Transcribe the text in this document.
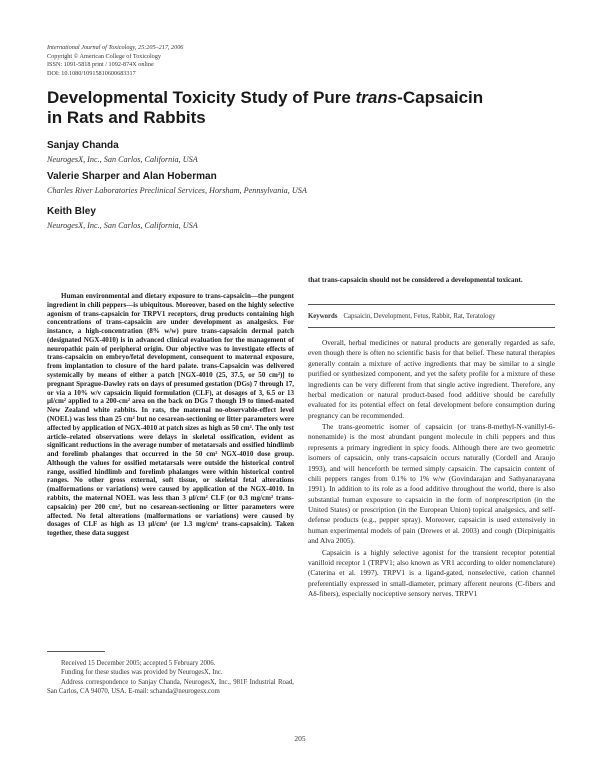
International Journal of Toxicology, 25:205–217, 2006
Copyright © American College of Toxicology
ISSN: 1091-5818 print / 1092-874X online
DOI: 10.1080/10915810600683317
Developmental Toxicity Study of Pure trans-Capsaicin
in Rats and Rabbits
Sanjay Chanda
NeurogesX, Inc., San Carlos, California, USA
Valerie Sharper and Alan Hoberman
Charles River Laboratories Preclinical Services, Horsham, Pennsylvania, USA
Keith Bley
NeurogesX, Inc., San Carlos, California, USA
Human environmental and dietary exposure to trans-capsaicin—the pungent ingredient in chili peppers—is ubiquitous. Moreover, based on the highly selective agonism of trans-capsaicin for TRPV1 receptors, drug products containing high concentrations of trans-capsaicin are under development as analgesics. For instance, a high-concentration (8% w/w) pure trans-capsaicin dermal patch (designated NGX-4010) is in advanced clinical evaluation for the management of neuropathic pain of peripheral origin. Our objective was to investigate effects of trans-capsaicin on embryo/fetal development, consequent to maternal exposure, from implantation to closure of the hard palate. trans-Capsaicin was delivered systemically by means of either a patch [NGX-4010 (25, 37.5, or 50 cm²)] to pregnant Sprague-Dawley rats on days of presumed gestation (DGs) 7 through 17, or via a 10% w/v capsaicin liquid formulation (CLF), at dosages of 3, 6.5 or 13 μl/cm² applied to a 200-cm² area on the back on DGs 7 though 19 to timed-mated New Zealand white rabbits. In rats, the maternal no-observable-effect level (NOEL) was less than 25 cm² but no cesarean-sectioning or litter parameters were affected by application of NGX-4010 at patch sizes as high as 50 cm². The only test article–related observations were delays in skeletal ossification, evident as significant reductions in the average number of metatarsals and ossified hindlimb and forelimb phalanges that occurred in the 50 cm² NGX-4010 dose group. Although the values for ossified metatarsals were outside the historical control range, ossified hindlimb and forelimb phalanges were within historical control ranges. No other gross external, soft tissue, or skeletal fetal alterations (malformations or variations) were caused by application of the NGX-4010. In rabbits, the maternal NOEL was less than 3 μl/cm² CLF (or 0.3 mg/cm² trans-capsaicin) per 200 cm², but no cesarean-sectioning or litter parameters were affected. No fetal alterations (malformations or variations) were caused by dosages of CLF as high as 13 μl/cm² (or 1.3 mg/cm² trans-capsaicin). Taken together, these data suggest
that trans-capsaicin should not be considered a developmental toxicant.
Keywords Capsaicin, Development, Fetus, Rabbit, Rat, Teratology

Overall, herbal medicines or natural products are generally regarded as safe, even though there is often no scientific basis for that belief. These natural therapies generally contain a mixture of active ingredients that may be similar to a single purified or synthesized component, and yet the safety profile for a mixture of these ingredients can be very different from that single active ingredient. Therefore, any herbal medication or natural product-based food additive should be carefully evaluated for its potential effect on fetal development before consumption during pregnancy can be recommended.

The trans-geometric isomer of capsaicin (or trans-8-methyl-N-vanillyl-6-nonenamide) is the most abundant pungent molecule in chili peppers and thus represents a primary ingredient in spicy foods. Although there are two geometric isomers of capsaicin, only trans-capsaicin occurs naturally (Cordell and Araujo 1993), and will henceforth be termed simply capsaicin. The capsaicin content of chili peppers ranges from 0.1% to 1% w/w (Govindarajan and Sathyanarayana 1991). In addition to its role as a food additive throughout the world, there is also substantial human exposure to capsaicin in the form of nonprescription (in the United States) or prescription (in the European Union) topical analgesics, and self-defense products (e.g., pepper spray). Moreover, capsaicin is used extensively in human experimental models of pain (Drewes et al. 2003) and cough (Dicpinigaitis and Alva 2005).

Capsaicin is a highly selective agonist for the transient receptor potential vanilloid receptor 1 (TRPV1; also known as VR1 according to older nomenclature) (Caterina et al. 1997). TRPV1 is a ligand-gated, nonselective, cation channel preferentially expressed in small-diameter, primary afferent neurons (C-fibers and Aδ-fibers), especially nociceptive sensory nerves. TRPV1

Received 15 December 2005; accepted 5 February 2006.

Funding for these studies was provided by NeurogesX, Inc.

Address correspondence to Sanjay Chanda, NeurogesX, Inc., 981F Industrial Road, San Carlos, CA 94070, USA. E-mail: schanda@neurogesx.com

205
